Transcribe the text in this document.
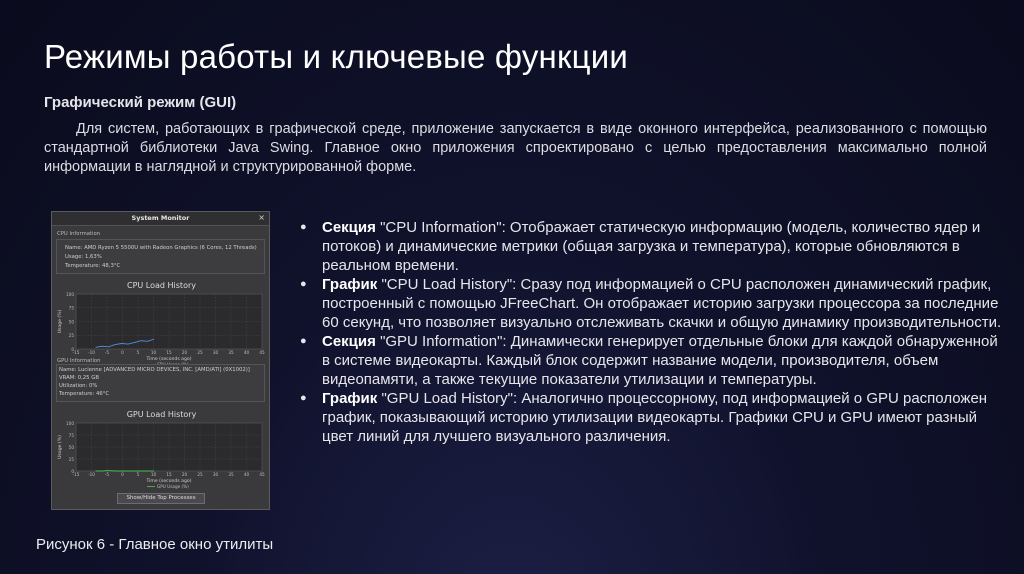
Режимы работы и ключевые функции
Графический режим (GUI)

Для систем, работающих в графической среде, приложение запускается в виде оконного интерфейса, реализованного с помощью стандартной библиотеки Java Swing. Главное окно приложения спроектировано с целью предоставления максимально полной информации в наглядной и структурированной форме.

System Monitor	×
CPU Information
Name: AMD Ryzen 5 5500U with Radeon Graphics (6 Cores, 12 Threads)
Usage: 1,63%
Temperature: 48,3°C
CPU Load History
100
75
50
25
0
-15 -10 -5	0	5	10 15 20 25 30 35 40 45
Time (seconds ago)
Usage (%)
GPU Information
Name: Lucienne [ADVANCED MICRO DEVICES, INC. [AMD/ATI] (0X1002)]
VRAM: 0,25 GB
Utilization: 0%
Temperature: 46°C
GPU Load History
100
75
50
25
0
-15 -10 -5	0	5	10 15 20 25 30 35 40 45
Time (seconds ago)
Usage (%)
GPU Usage (%)
Show/Hide Top Processes
● Секция "CPU Information": Отображает статическую информацию (модель, количество ядер и потоков) и динамические метрики (общая загрузка и температура), которые обновляются в реальном времени.
● График "CPU Load History": Сразу под информацией о CPU расположен динамический график, построенный с помощью JFreeChart. Он отображает историю загрузки процессора за последние 60 секунд, что позволяет визуально отслеживать скачки и общую динамику производительности.
● Секция "GPU Information": Динамически генерирует отдельные блоки для каждой обнаруженной в системе видеокарты. Каждый блок содержит название модели, производителя, объем видеопамяти, а также текущие показатели утилизации и температуры.
● График "GPU Load History": Аналогично процессорному, под информацией о GPU расположен график, показывающий историю утилизации видеокарты. Графики CPU и GPU имеют разный цвет линий для лучшего визуального различения.
Рисунок 6 - Главное окно утилиты
